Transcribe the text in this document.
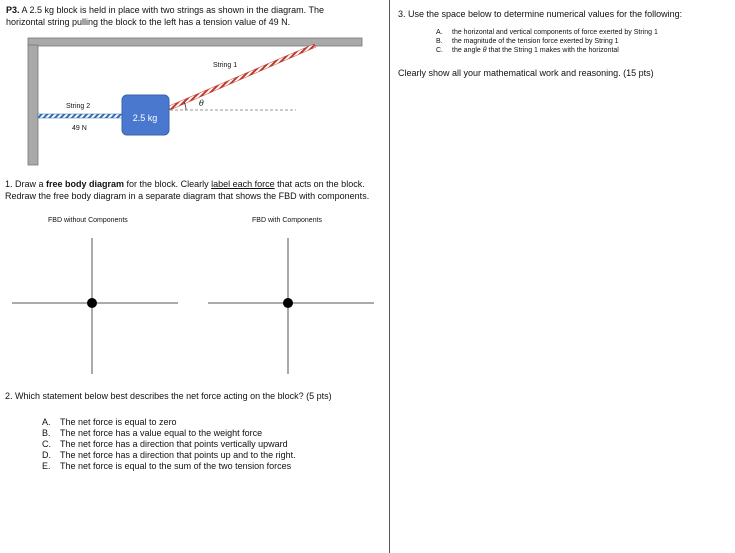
P3. A 2.5 kg block is held in place with two strings as shown in the diagram. The
horizontal string pulling the block to the left has a tension value of 49 N.
2.5 kg
String 1
String 2
49 N
θ
1. Draw a free body diagram for the block. Clearly label each force that acts on the block.
Redraw the free body diagram in a separate diagram that shows the FBD with components.
FBD without Components	FBD with Components
2. Which statement below best describes the net force acting on the block? (5 pts)
A. The net force is equal to zero
B. The net force has a value equal to the weight force
C. The net force has a direction that points vertically upward
D. The net force has a direction that points up and to the right.
E. The net force is equal to the sum of the two tension forces
3. Use the space below to determine numerical values for the following:
A. the horizontal and vertical components of force exerted by String 1
B. the magnitude of the tension force exerted by String 1
C. the angle θ that the String 1 makes with the horizontal
Clearly show all your mathematical work and reasoning. (15 pts)
